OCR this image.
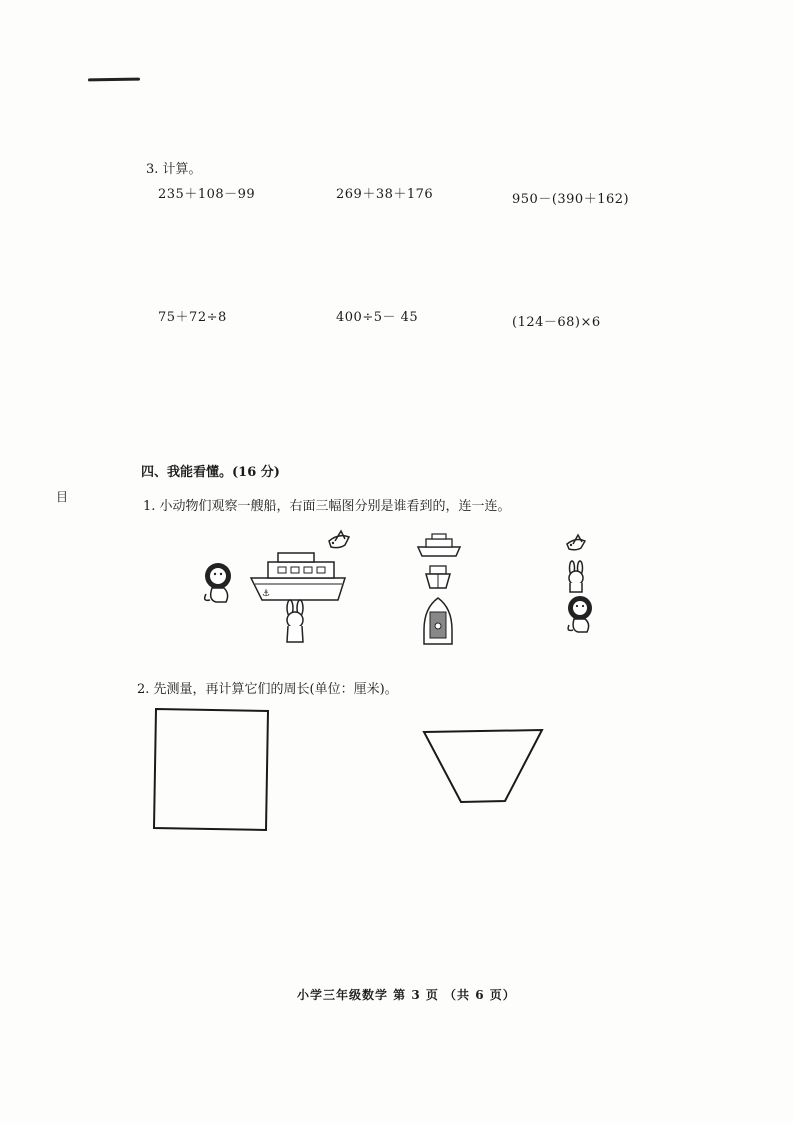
3. 计算。
235＋108－99	269＋38＋176	950－(390＋162)
75＋72÷8	400÷5－ 45	(124－68)×6
四、我能看懂。(16 分)
目
1. 小动物们观察一艘船，右面三幅图分别是谁看到的，连一连。
⚓
2. 先测量，再计算它们的周长(单位：厘米)。
小学三年级数学 第 3 页 （共 6 页）
